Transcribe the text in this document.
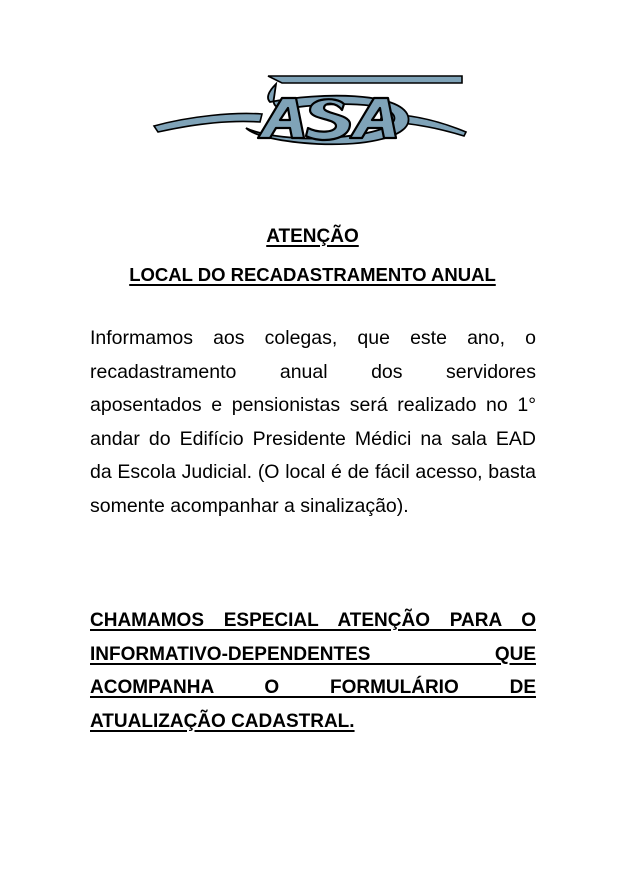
ATENÇÃO
LOCAL DO RECADASTRAMENTO ANUAL

Informamos aos colegas, que este ano, o recadastramento anual dos servidores aposentados e pensionistas será realizado no 1° andar do Edifício Presidente Médici na sala EAD da Escola Judicial. (O local é de fácil acesso, basta somente acompanhar a sinalização).

CHAMAMOS ESPECIAL ATENÇÃO PARA O INFORMATIVO-DEPENDENTES QUE ACOMPANHA O FORMULÁRIO DE ATUALIZAÇÃO CADASTRAL.
